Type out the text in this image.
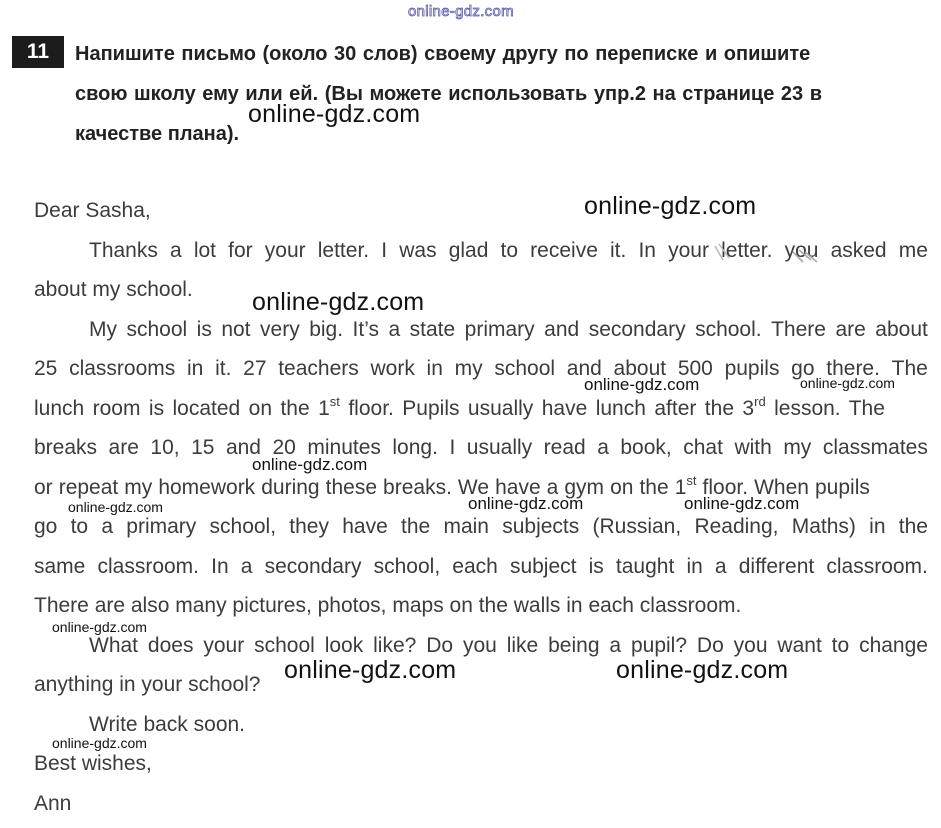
online-gdz.com
11	Напишите письмо (около 30 слов) своему другу по переписке и опишите
свою школу ему или ей. (Вы можете использовать упр.2 на странице 23 в
качестве плана).
Dear Sasha,
Thanks a lot for your letter. I was glad to receive it. In your letter. you asked me
about my school.
My school is not very big. It’s a state primary and secondary school. There are about
25 classrooms in it. 27 teachers work in my school and about 500 pupils go there. The
lunch room is located on the 1st floor. Pupils usually have lunch after the 3rd lesson. The
breaks are 10, 15 and 20 minutes long. I usually read a book, chat with my classmates
or repeat my homework during these breaks. We have a gym on the 1st floor. When pupils
go to a primary school, they have the main subjects (Russian, Reading, Maths) in the
same classroom. In a secondary school, each subject is taught in a different classroom.
There are also many pictures, photos, maps on the walls in each classroom.
What does your school look like? Do you like being a pupil? Do you want to change
anything in your school?
Write back soon.
Best wishes,
Ann
online-gdz.com
online-gdz.com
online-gdz.com
online-gdz.com	online-gdz.com
online-gdz.com
online-gdz.com	online-gdz.com	online-gdz.com
online-gdz.com
online-gdz.com	online-gdz.com
online-gdz.com
